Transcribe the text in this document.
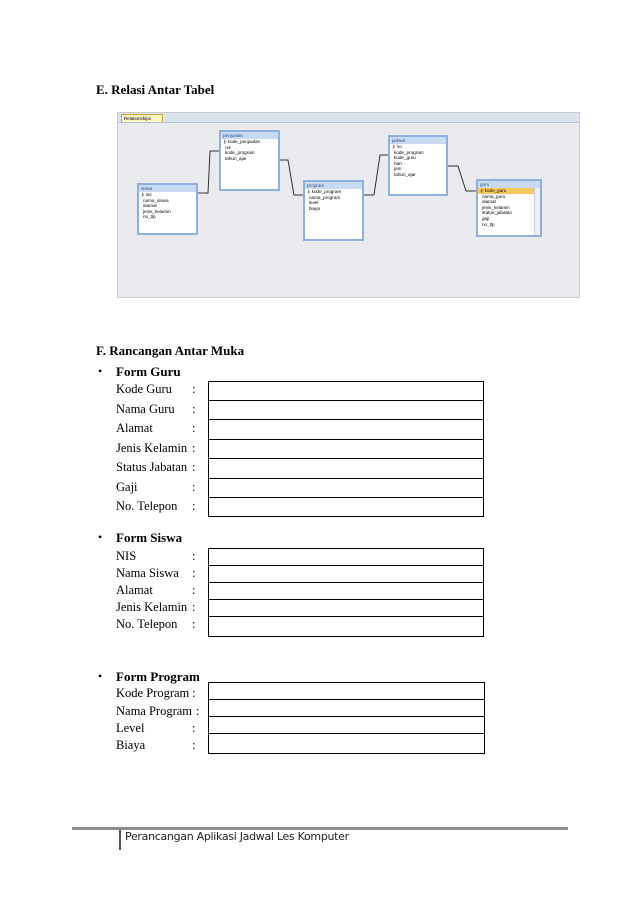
E. Relasi Antar Tabel
Relationships
siswa
⚷ nis
nama_siswa
alamat
jenis_kelamin
no_tlp
penjualan
⚷ kode_penjualan
nis
kode_program
tahun_ajar
program
⚷ kode_program
nama_program
level
biaya
jadwal
⚷ no
kode_program
kode_guru
hari
jam
tahun_ajar
guru
⚷ kode_guru
nama_guru
alamat
jenis_kelamin
status_jabatan
gaji
no_tlp
F. Rancangan Antar Muka
• Form Guru
Kode Guru
Nama Guru
Alamat
Jenis Kelamin
Status Jabatan
Gaji
No. Telepon
:
:
:
:
:
:
:
• Form Siswa
NIS
Nama Siswa
Alamat
Jenis Kelamin
No. Telepon
:
:
:
:
:
• Form Program
Kode Program
Nama Program
Level
Biaya
:
:
:
:
Perancangan Aplikasi Jadwal Les Komputer
